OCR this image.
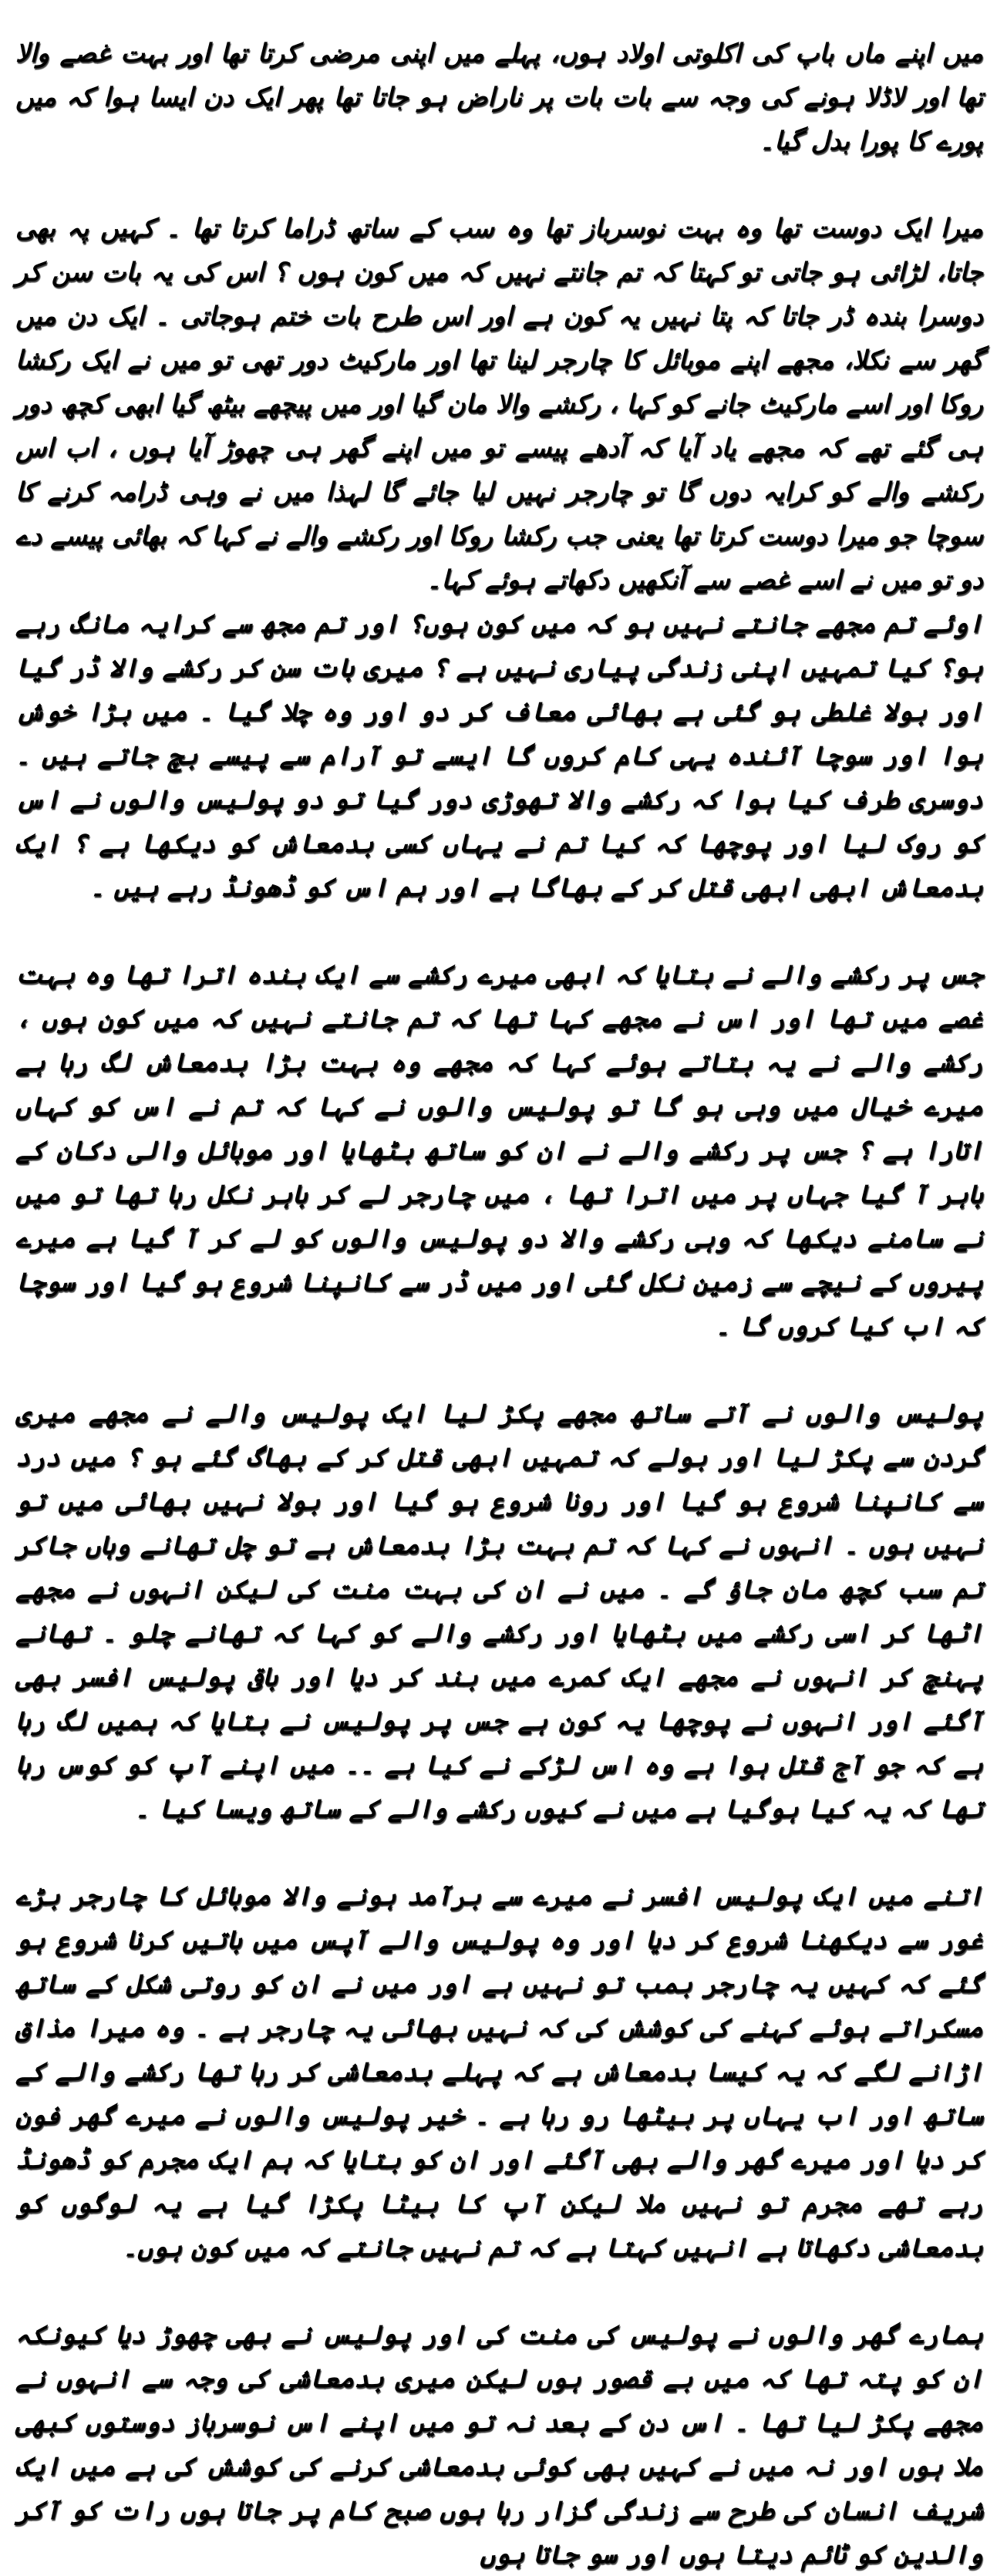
میں اپنے ماں باپ کی اکلوتی اولاد ہوں، پہلے میں اپنی مرضی کرتا تھا اور بہت غصے والا تھا اور لاڈلا ہونے کی وجہ سے بات بات پر ناراض ہو جاتا تھا پھر ایک دن ایسا ہوا کہ میں پورے کا پورا بدل گیا۔

میرا ایک دوست تھا وہ بہت نوسرباز تھا وہ سب کے ساتھ ڈراما کرتا تھا ۔ کہیں پہ بھی جاتا، لڑائی ہو جاتی تو کہتا کہ تم جانتے نہیں کہ میں کون ہوں ؟ اس کی یہ بات سن کر دوسرا بندہ ڈر جاتا کہ پتا نہیں یہ کون ہے اور اس طرح بات ختم ہوجاتی ۔ ایک دن میں گھر سے نکلا، مجھے اپنے موبائل کا چارجر لینا تھا اور مارکیٹ دور تھی تو میں نے ایک رکشا روکا اور اسے مارکیٹ جانے کو کہا ، رکشے والا مان گیا اور میں پیچھے بیٹھ گیا ابھی کچھ دور ہی گئے تھے کہ مجھے یاد آیا کہ آدھے پیسے تو میں اپنے گھر ہی چھوڑ آیا ہوں ، اب اس رکشے والے کو کرایہ دوں گا تو چارجر نہیں لیا جائے گا لہذا میں نے وہی ڈرامہ کرنے کا سوچا جو میرا دوست کرتا تھا یعنی جب رکشا روکا اور رکشے والے نے کہا کہ بھائی پیسے دے دو تو میں نے اسے غصے سے آنکھیں دکھاتے ہوئے کہا۔

اوئے تم مجھے جانتے نہیں ہو کہ میں کون ہوں؟ اور تم مجھ سے کرایہ مانگ رہے ہو؟ کیا تمہیں اپنی زندگی پیاری نہیں ہے ؟ میری بات سن کر رکشے والا ڈر گیا اور بولا غلطی ہو گئی ہے بھائی معاف کر دو اور وہ چلا گیا ۔ میں بڑا خوش ہوا اور سوچا آئندہ یہی کام کروں گا ایسے تو آرام سے پیسے بچ جاتے ہیں ۔ دوسری طرف کیا ہوا کہ رکشے والا تھوڑی دور گیا تو دو پولیس والوں نے اس کو روک لیا اور پوچھا کہ کیا تم نے یہاں کسی بدمعاش کو دیکھا ہے ؟ ایک بدمعاش ابھی ابھی قتل کر کے بھاگا ہے اور ہم اس کو ڈھونڈ رہے ہیں ۔

جس پر رکشے والے نے بتایا کہ ابھی میرے رکشے سے ایک بندہ اترا تھا وہ بہت غصے میں تھا اور اس نے مجھے کہا تھا کہ تم جانتے نہیں کہ میں کون ہوں ، رکشے والے نے یہ بتاتے ہوئے کہا کہ مجھے وہ بہت بڑا بدمعاش لگ رہا ہے میرے خیال میں وہی ہو گا تو پولیس والوں نے کہا کہ تم نے اس کو کہاں اتارا ہے ؟ جس پر رکشے والے نے ان کو ساتھ بٹھایا اور موبائل والی دکان کے باہر آ گیا جہاں پر میں اترا تھا ، میں چارجر لے کر باہر نکل رہا تھا تو میں نے سامنے دیکھا کہ وہی رکشے والا دو پولیس والوں کو لے کر آ گیا ہے میرے پیروں کے نیچے سے زمین نکل گئی اور میں ڈر سے کانپنا شروع ہو گیا اور سوچا کہ اب کیا کروں گا ۔

پولیس والوں نے آتے ساتھ مجھے پکڑ لیا ایک پولیس والے نے مجھے میری گردن سے پکڑ لیا اور بولے کہ تمہیں ابھی قتل کر کے بھاگ گئے ہو ؟ میں درد سے کانپنا شروع ہو گیا اور رونا شروع ہو گیا اور بولا نہیں بھائی میں تو نہیں ہوں ۔ انہوں نے کہا کہ تم بہت بڑا بدمعاش ہے تو چل تھانے وہاں جاکر تم سب کچھ مان جاؤ گے ۔ میں نے ان کی بہت منت کی لیکن انہوں نے مجھے اٹھا کر اسی رکشے میں بٹھایا اور رکشے والے کو کہا کہ تھانے چلو ۔ تھانے پہنچ کر انہوں نے مجھے ایک کمرے میں بند کر دیا اور باقی پولیس افسر بھی آگئے اور انہوں نے پوچھا یہ کون ہے جس پر پولیس نے بتایا کہ ہمیں لگ رہا ہے کہ جو آج قتل ہوا ہے وہ اس لڑکے نے کیا ہے ۔۔ میں اپنے آپ کو کوس رہا تھا کہ یہ کیا ہوگیا ہے میں نے کیوں رکشے والے کے ساتھ ویسا کیا ۔

اتنے میں ایک پولیس افسر نے میرے سے برآمد ہونے والا موبائل کا چارجر بڑے غور سے دیکھنا شروع کر دیا اور وہ پولیس والے آپس میں باتیں کرنا شروع ہو گئے کہ کہیں یہ چارجر بمب تو نہیں ہے اور میں نے ان کو روتی شکل کے ساتھ مسکراتے ہوئے کہنے کی کوشش کی کہ نہیں بھائی یہ چارجر ہے ۔ وہ میرا مذاق اڑانے لگے کہ یہ کیسا بدمعاش ہے کہ پہلے بدمعاشی کر رہا تھا رکشے والے کے ساتھ اور اب یہاں پر بیٹھا رو رہا ہے ۔ خیر پولیس والوں نے میرے گھر فون کر دیا اور میرے گھر والے بھی آگئے اور ان کو بتایا کہ ہم ایک مجرم کو ڈھونڈ رہے تھے مجرم تو نہیں ملا لیکن آپ کا بیٹا پکڑا گیا ہے یہ لوگوں کو بدمعاشی دکھاتا ہے انہیں کہتا ہے کہ تم نہیں جانتے کہ میں کون ہوں۔

ہمارے گھر والوں نے پولیس کی منت کی اور پولیس نے بھی چھوڑ دیا کیونکہ ان کو پتہ تھا کہ میں بے قصور ہوں لیکن میری بدمعاشی کی وجہ سے انہوں نے مجھے پکڑ لیا تھا ۔ اس دن کے بعد نہ تو میں اپنے اس نوسرباز دوستوں کبھی ملا ہوں اور نہ میں نے کہیں بھی کوئی بدمعاشی کرنے کی کوشش کی ہے میں ایک شریف انسان کی طرح سے زندگی گزار رہا ہوں صبح کام پر جاتا ہوں رات کو آکر والدین کو ٹائم دیتا ہوں اور سو جاتا ہوں
